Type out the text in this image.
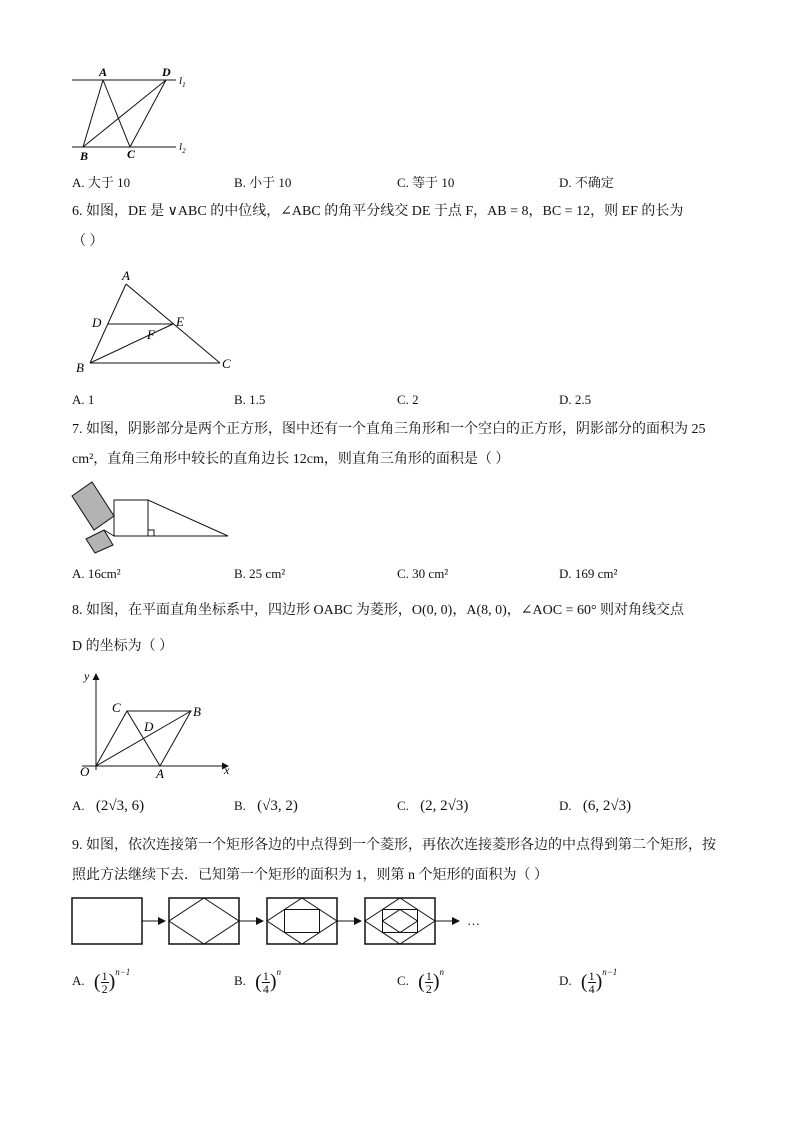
A	D
B	C
$l_1$
$l_2$
A. 大于 10	B. 小于 10	C. 等于 10	D. 不确定
6. 如图，DE 是 ∨ABC 的中位线，∠ABC 的角平分线交 DE 于点 F，AB = 8，BC = 12，则 EF 的长为
（ ）
A
D	E
F
B	C
A. 1	B. 1.5	C. 2	D. 2.5
7. 如图，阴影部分是两个正方形，图中还有一个直角三角形和一个空白的正方形，阴影部分的面积为 25
cm²，直角三角形中较长的直角边长 12cm，则直角三角形的面积是（ ）
A. 16cm²	B. 25 cm²	C. 30 cm²	D. 169 cm²
8. 如图，在平面直角坐标系中，四边形 OABC 为菱形，O(0, 0)，A(8, 0)，∠AOC = 60° 则对角线交点
D 的坐标为（ ）
y
x
O	A
B
C
D
A. (2√3, 6)	B. (√3, 2)	C. (2, 2√3)	D. (6, 2√3)
9. 如图，依次连接第一个矩形各边的中点得到一个菱形，再依次连接菱形各边的中点得到第二个矩形，按
照此方法继续下去．已知第一个矩形的面积为 1，则第 n 个矩形的面积为（ ）
…
A. ( $\frac{1}{2} )^{n-1}$
B. ( $\frac{1}{4} )^n$
C. ( $\frac{1}{2} )^n$
D. ( $\frac{1}{4} )^{n-1}$
